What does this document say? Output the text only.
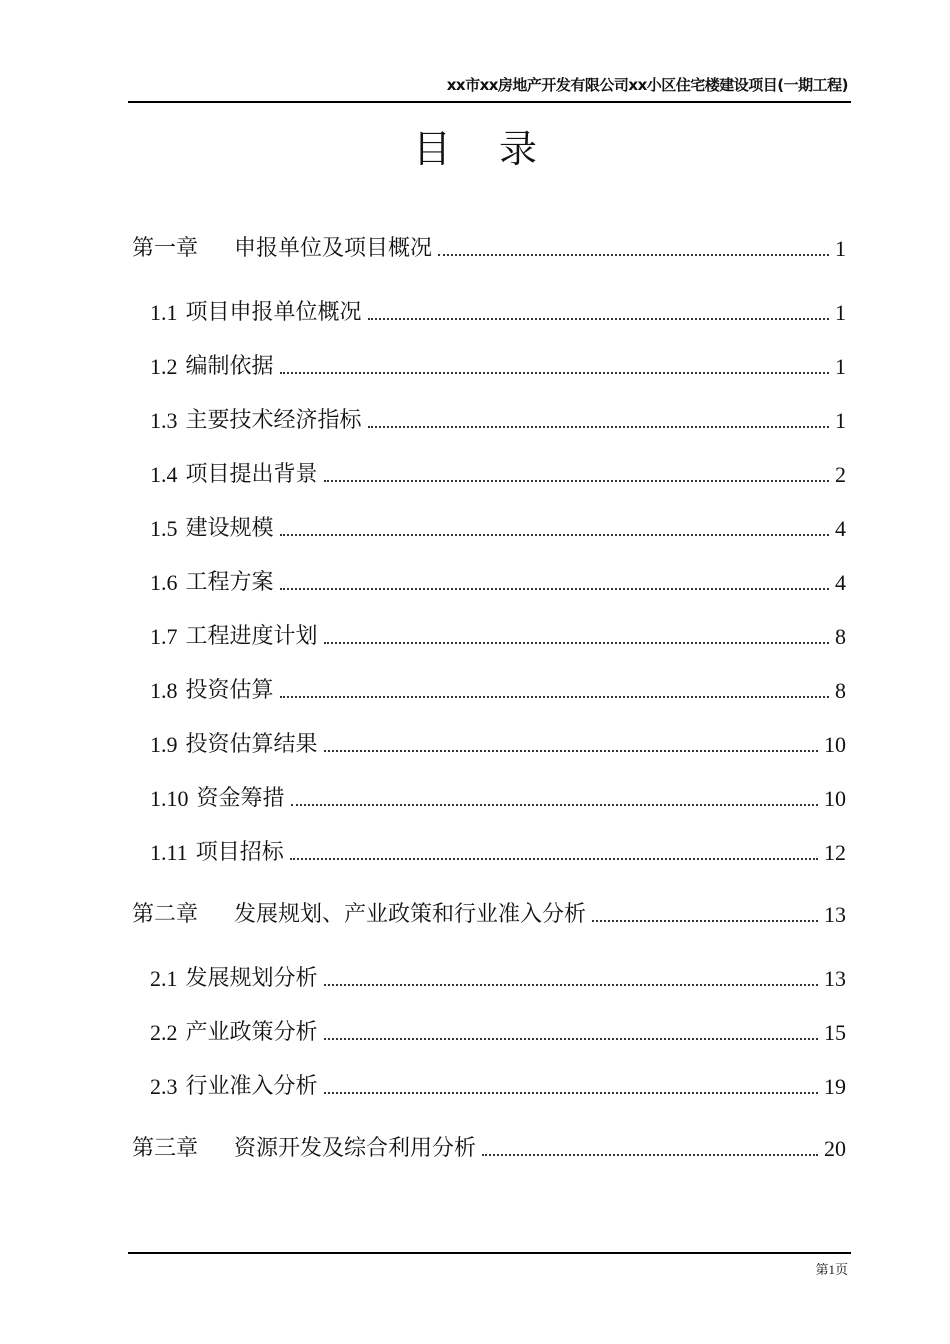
xx市xx房地产开发有限公司xx小区住宅楼建设项目(一期工程)
目录
第一章	申报单位及项目概况	1
1.1 项目申报单位概况	1
1.2 编制依据	1
1.3 主要技术经济指标	1
1.4 项目提出背景	2
1.5 建设规模	4
1.6 工程方案	4
1.7 工程进度计划	8
1.8 投资估算	8
1.9 投资估算结果	10
1.10 资金筹措	10
1.11 项目招标	12
第二章	发展规划、产业政策和行业准入分析	13
2.1 发展规划分析	13
2.2 产业政策分析	15
2.3 行业准入分析	19
第三章	资源开发及综合利用分析	20
第1页
